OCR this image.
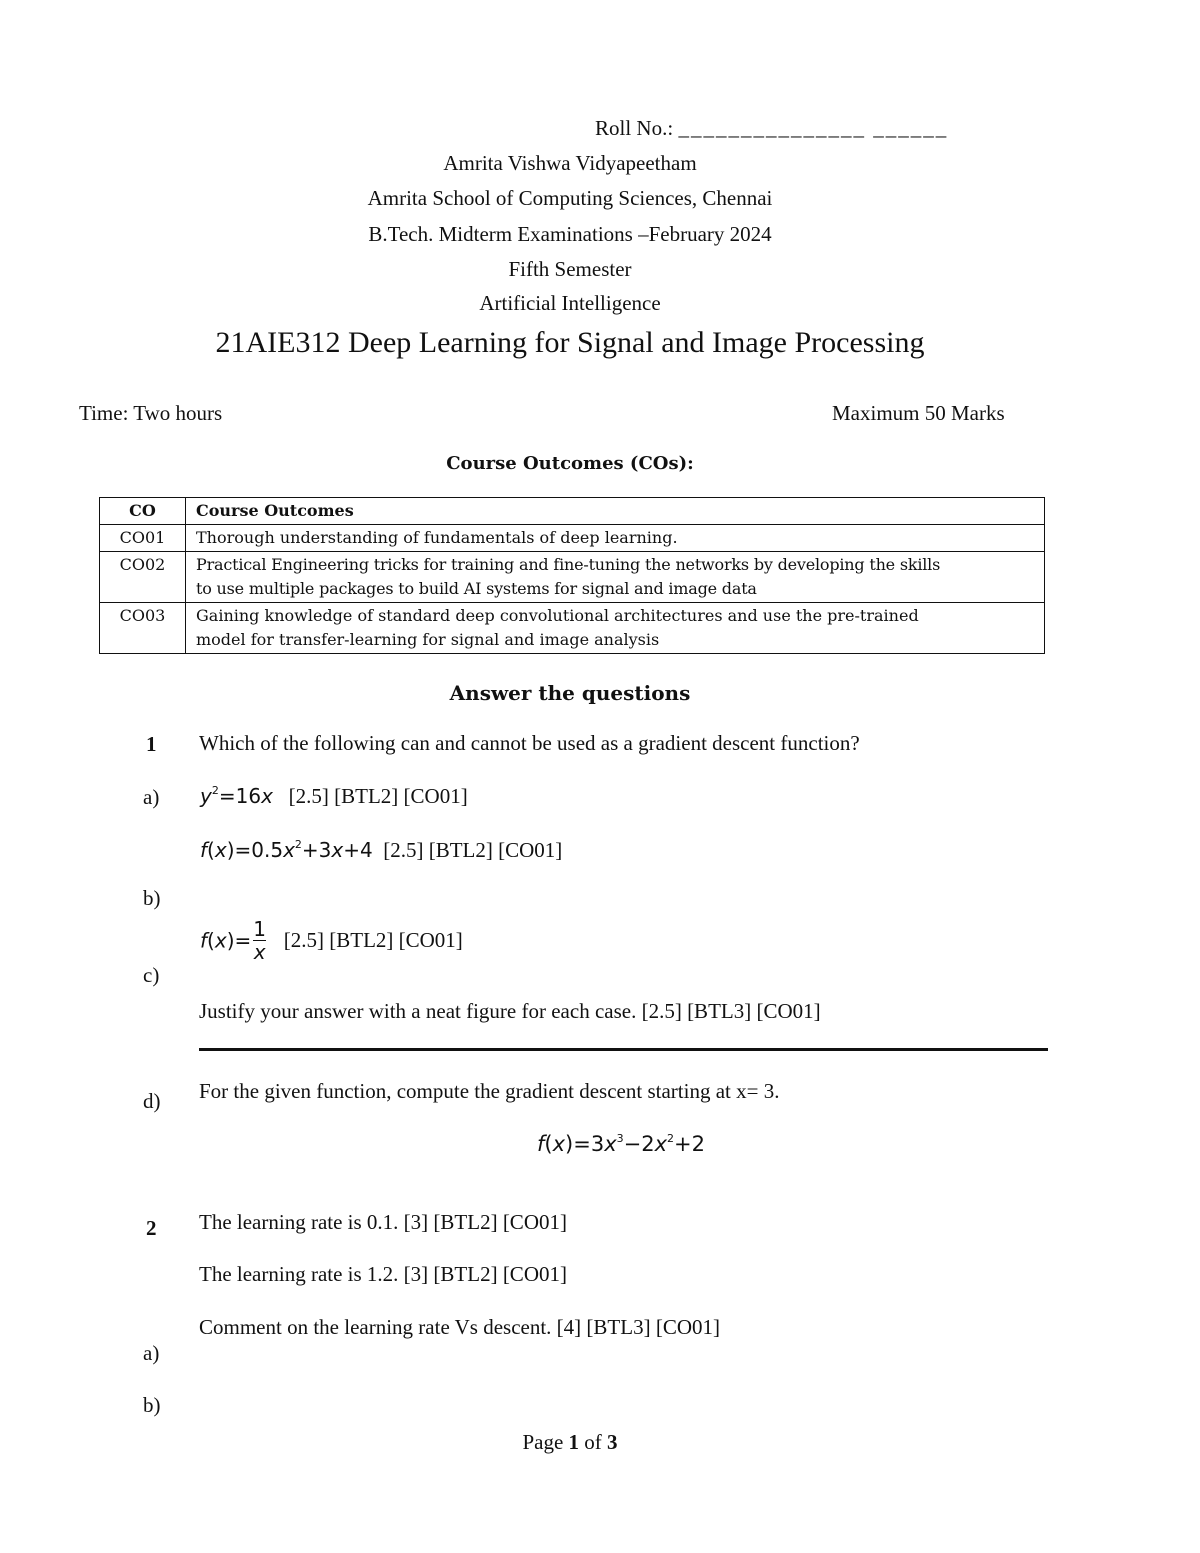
Roll No.: _______________ ______
Amrita Vishwa Vidyapeetham
Amrita School of Computing Sciences, Chennai
B.Tech. Midterm Examinations –February 2024
Fifth Semester
Artificial Intelligence
21AIE312 Deep Learning for Signal and Image Processing
Time: Two hours	Maximum 50 Marks
Course Outcomes (COs):
CO	Course Outcomes
CO01	Thorough understanding of fundamentals of deep learning.
CO02	Practical Engineering tricks for training and fine-tuning the networks by developing the skills
to use multiple packages to build AI systems for signal and image data
CO03	Gaining knowledge of standard deep convolutional architectures and use the pre-trained
model for transfer-learning for signal and image analysis
Answer the questions
1 Which of the following can and cannot be used as a gradient descent function?
a) $y^2=16x$ [2.5] [BTL2] [CO01]
$f(x)=0.5x^2+3x+4$ [2.5] [BTL2] [CO01]
b)
$f(x)= \frac{1}{x} [2.5]$ [BTL2] [CO01]
c)
Justify your answer with a neat figure for each case. [2.5] [BTL3] [CO01]
d) For the given function, compute the gradient descent starting at x= 3.
$f(x)=3x^3-2x^2+2$
2 The learning rate is 0.1. [3] [BTL2] [CO01]
The learning rate is 1.2. [3] [BTL2] [CO01]
Comment on the learning rate Vs descent. [4] [BTL3] [CO01]
a)
b)
Page 1 of 3
